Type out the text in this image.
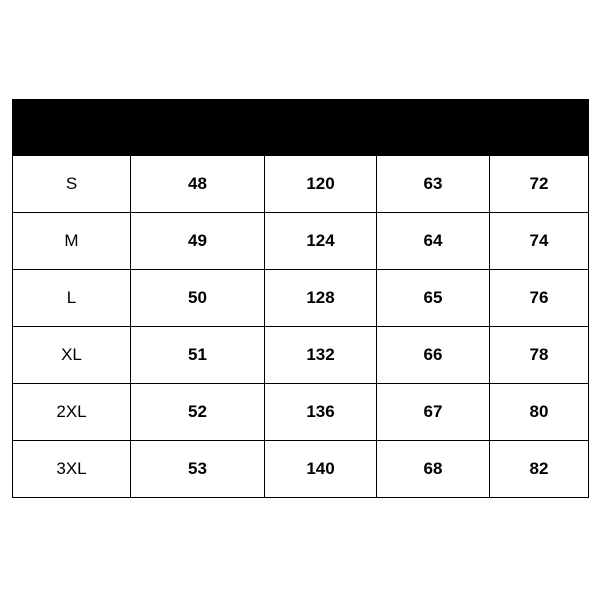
Size(cm)	Shoulder	Bust	Sleeve	Length
S	48	120	63	72
M	49	124	64	74
L	50	128	65	76
XL	51	132	66	78
2XL	52	136	67	80
3XL	53	140	68	82
